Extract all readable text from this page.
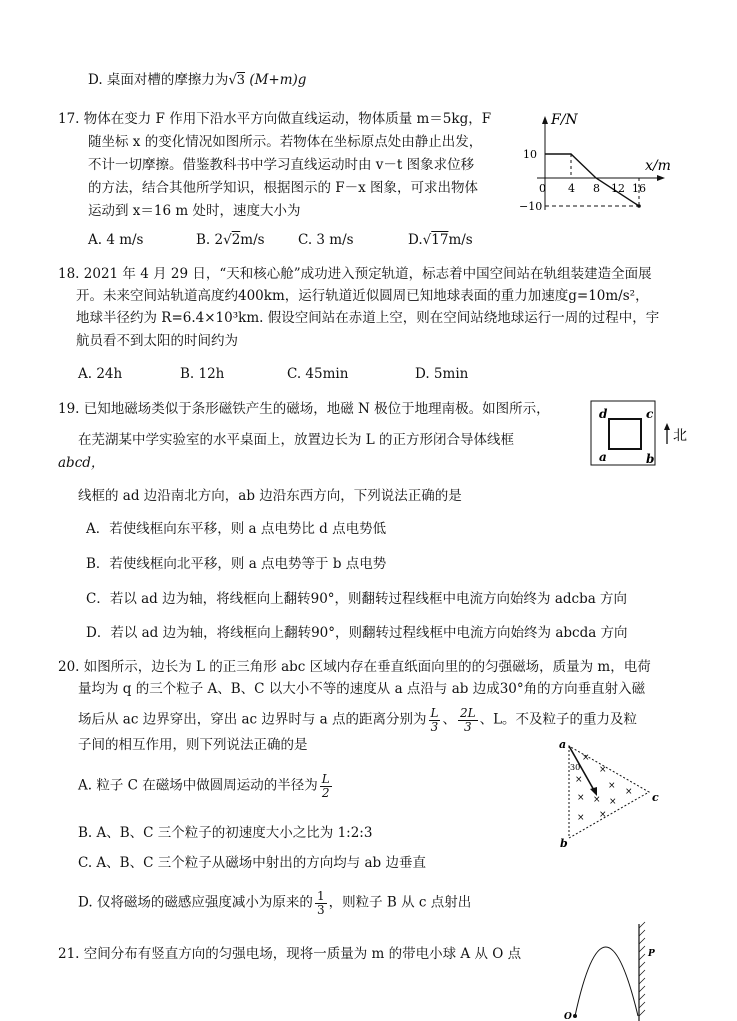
D. 桌面对槽的摩擦力为√3 (M+m)g
17. 物体在变力 F 作用下沿水平方向做直线运动，物体质量 m＝5kg，F
随坐标 x 的变化情况如图所示。若物体在坐标原点处由静止出发，
不计一切摩擦。借鉴教科书中学习直线运动时由 v－t 图象求位移
的方法，结合其他所学知识，根据图示的 F－x 图象，可求出物体
运动到 x＝16 m 处时，速度大小为
A. 4 m/s	B. 2√2m/s C. 3 m/s	D.√17m/s
F/N
x/m
10
−10
0 4 8 12 16
18. 2021 年 4 月 29 日，“天和核心舱”成功进入预定轨道，标志着中国空间站在轨组装建造全面展
开。未来空间站轨道高度约400km，运行轨道近似圆周已知地球表面的重力加速度g=10m/s²，
地球半径约为 R=6.4×10³km. 假设空间站在赤道上空，则在空间站绕地球运行一周的过程中，宇
航员看不到太阳的时间约为
A. 24h	B. 12h	C. 45min	D. 5min
19. 已知地磁场类似于条形磁铁产生的磁场，地磁 N 极位于地理南极。如图所示，
在芜湖某中学实验室的水平桌面上，放置边长为 L 的正方形闭合导体线框
abcd，
线框的 ad 边沿南北方向，ab 边沿东西方向，下列说法正确的是
A．若使线框向东平移，则 a 点电势比 d 点电势低
B．若使线框向北平移，则 a 点电势等于 b 点电势
C．若以 ad 边为轴，将线框向上翻转90°，则翻转过程线框中电流方向始终为 adcba 方向
D．若以 ad 边为轴，将线框向上翻转90°，则翻转过程线框中电流方向始终为 abcda 方向
d	c
a	b
北
20. 如图所示，边长为 L 的正三角形 abc 区域内存在垂直纸面向里的的匀强磁场，质量为 m，电荷
量均为 q 的三个粒子 A、B、C 以大小不等的速度从 a 点沿与 ab 边成30°角的方向垂直射入磁
场后从 ac 边界穿出，穿出 ac 边界时与 a 点的距离分别为 $\frac{L}{3}$ 、 $\frac{2L}{3}$ 、L。不及粒子的重力及粒
子间的相互作用，则下列说法正确的是
A. 粒子 C 在磁场中做圆周运动的半径为 $\frac{L}{2}$
B. A、B、C 三个粒子的初速度大小之比为 1:2:3
C. A、B、C 三个粒子从磁场中射出的方向均与 ab 边垂直
D. 仅将磁场的磁感应强度减小为原来的 $\frac{1}{3}$ ，则粒子 B 从 c 点射出
a
b
c
30
×
×
×
×
×
× × ×
× ×
21. 空间分布有竖直方向的匀强电场，现将一质量为 m 的带电小球 A 从 O 点
O
P
